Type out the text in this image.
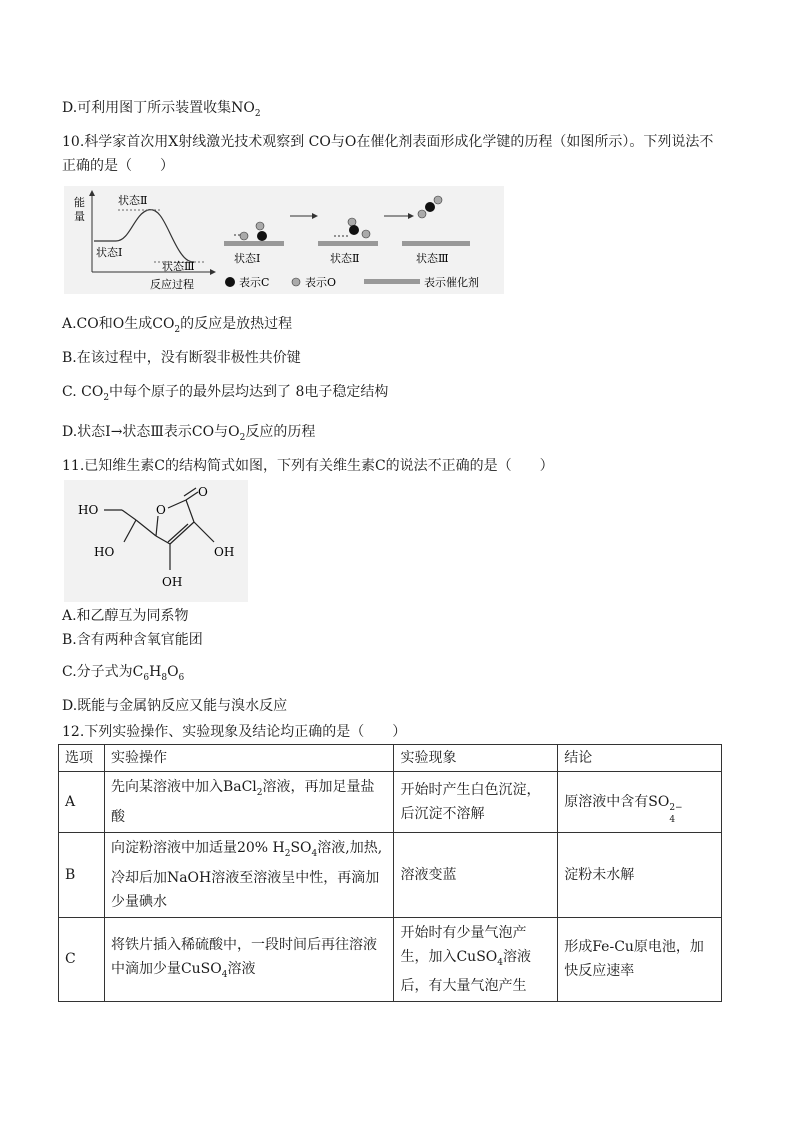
D.可利用图丁所示装置收集$NO_2$
10.科学家首次用X射线激光技术观察到 CO与O在催化剂表面形成化学键的历程（如图所示）。下列说法不
正确的是（　　）
能
量
状态Ⅱ
状态Ⅰ
状态Ⅲ
反应过程
状态Ⅰ	状态Ⅱ	状态Ⅲ
表示C	表示O	表示催化剂
A.CO和O生成$CO_2$的反应是放热过程
B.在该过程中，没有断裂非极性共价键
C. $CO_2$中每个原子的最外层均达到了 8电子稳定结构
D.状态Ⅰ→状态Ⅲ表示CO与$O_2$反应的历程
11.已知维生素C的结构简式如图，下列有关维生素C的说法不正确的是（　　）
HO
HO
O
O
OH
OH
A.和乙醇互为同系物
B.含有两种含氧官能团
C.分子式为$C_6H_8O_6$
D.既能与金属钠反应又能与溴水反应
12.下列实验操作、实验现象及结论均正确的是（　　）
选项	实验操作	实验现象	结论
A	先向某溶液中加入BaCl$_2$溶液，再加足量盐酸	开始时产生白色沉淀，后沉淀不溶解	原溶液中含有SO 2−
4

B	向淀粉溶液中加适量20% $H_2SO_4$溶液,加热,冷却后加NaOH溶液至溶液呈中性，再滴加少量碘水	溶液变蓝	淀粉未水解
C	将铁片插入稀硫酸中，一段时间后再往溶液中滴加少量CuSO$_4$溶液	开始时有少量气泡产生，加入CuSO$_4$溶液后，有大量气泡产生	形成Fe-Cu原电池，加快反应速率
